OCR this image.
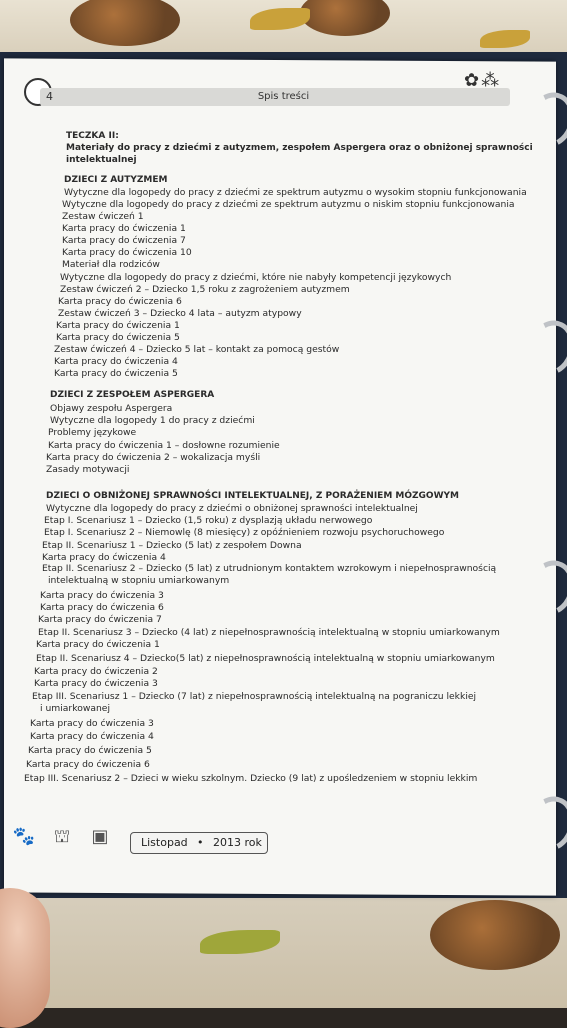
4	Spis treści
✿⁂
TECZKA II:
Materiały do pracy z dziećmi z autyzmem, zespołem Aspergera oraz o obniżonej sprawności
intelektualnej
DZIECI Z AUTYZMEM
Wytyczne dla logopedy do pracy z dziećmi ze spektrum autyzmu o wysokim stopniu funkcjonowania
Wytyczne dla logopedy do pracy z dziećmi ze spektrum autyzmu o niskim stopniu funkcjonowania
Zestaw ćwiczeń 1
Karta pracy do ćwiczenia 1
Karta pracy do ćwiczenia 7
Karta pracy do ćwiczenia 10
Materiał dla rodziców
Wytyczne dla logopedy do pracy z dziećmi, które nie nabyły kompetencji językowych
Zestaw ćwiczeń 2 – Dziecko 1,5 roku z zagrożeniem autyzmem
Karta pracy do ćwiczenia 6
Zestaw ćwiczeń 3 – Dziecko 4 lata – autyzm atypowy
Karta pracy do ćwiczenia 1
Karta pracy do ćwiczenia 5
Zestaw ćwiczeń 4 – Dziecko 5 lat – kontakt za pomocą gestów
Karta pracy do ćwiczenia 4
Karta pracy do ćwiczenia 5
DZIECI Z ZESPOŁEM ASPERGERA
Objawy zespołu Aspergera
Wytyczne dla logopedy 1 do pracy z dziećmi
Problemy językowe
Karta pracy do ćwiczenia 1 – dosłowne rozumienie
Karta pracy do ćwiczenia 2 – wokalizacja myśli
Zasady motywacji
DZIECI O OBNIŻONEJ SPRAWNOŚCI INTELEKTUALNEJ, Z PORAŻENIEM MÓZGOWYM
Wytyczne dla logopedy do pracy z dziećmi o obniżonej sprawności intelektualnej
Etap I. Scenariusz 1 – Dziecko (1,5 roku) z dysplazją układu nerwowego
Etap I. Scenariusz 2 – Niemowlę (8 miesięcy) z opóźnieniem rozwoju psychoruchowego
Etap II. Scenariusz 1 – Dziecko (5 lat) z zespołem Downa
Karta pracy do ćwiczenia 4
Etap II. Scenariusz 2 – Dziecko (5 lat) z utrudnionym kontaktem wzrokowym i niepełnosprawnością
intelektualną w stopniu umiarkowanym
Karta pracy do ćwiczenia 3
Karta pracy do ćwiczenia 6
Karta pracy do ćwiczenia 7
Etap II. Scenariusz 3 – Dziecko (4 lat) z niepełnosprawnością intelektualną w stopniu umiarkowanym
Karta pracy do ćwiczenia 1
Etap II. Scenariusz 4 – Dziecko(5 lat) z niepełnosprawnością intelektualną w stopniu umiarkowanym
Karta pracy do ćwiczenia 2
Karta pracy do ćwiczenia 3
Etap III. Scenariusz 1 – Dziecko (7 lat) z niepełnosprawnością intelektualną na pograniczu lekkiej
i umiarkowanej
Karta pracy do ćwiczenia 3
Karta pracy do ćwiczenia 4
Karta pracy do ćwiczenia 5
Karta pracy do ćwiczenia 6
Etap III. Scenariusz 2 – Dzieci w wieku szkolnym. Dziecko (9 lat) z upośledzeniem w stopniu lekkim
🐾 ⛫ ▣	Listopad • 2013 rok
